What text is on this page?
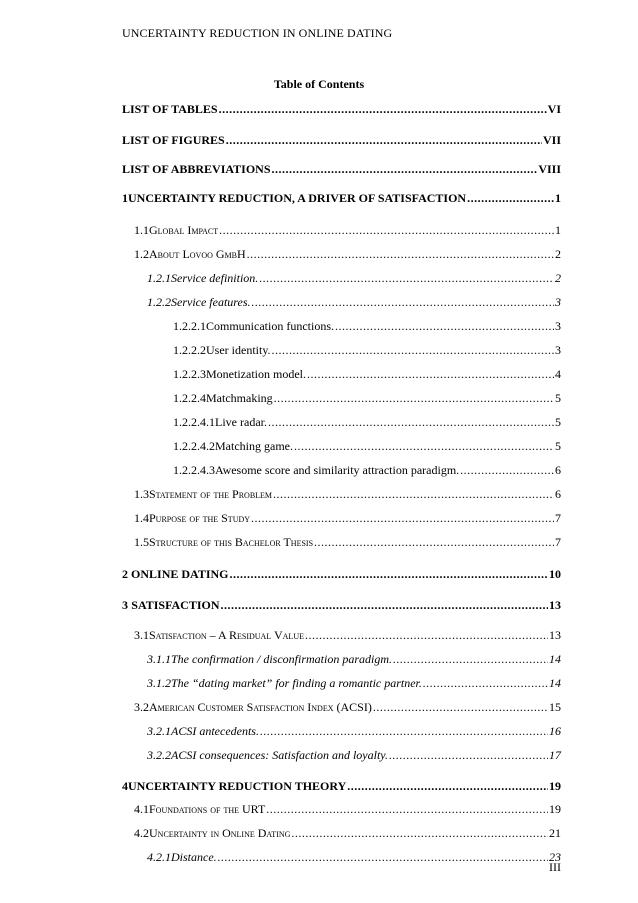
UNCERTAINTY REDUCTION IN ONLINE DATING
Table of Contents
LIST OF TABLES .....	VI
LIST OF FIGURES .....	VII
LIST OF ABBREVIATIONS .....	VIII
1 UNCERTAINTY REDUCTION, A DRIVER OF SATISFACTION .....	1
1.1 Global Impact .....	1
1.2 About Lovoo GmbH .....	2
1.2.1 Service definition. .....	2
1.2.2 Service features. .....	3
1.2.2.1 Communication functions. .....	3
1.2.2.2 User identity. .....	3
1.2.2.3 Monetization model. .....	4
1.2.2.4 Matchmaking .....	5
1.2.2.4.1 Live radar. .....	5
1.2.2.4.2 Matching game. .....	5
1.2.2.4.3 Awesome score and similarity attraction paradigm. .....	6
1.3 Statement of the Problem .....	6
1.4 Purpose of the Study .....	7
1.5 Structure of this Bachelor Thesis .....	7
2 ONLINE DATING .....	10
3 SATISFACTION .....	13
3.1 Satisfaction – A Residual Value .....	13
3.1.1 The confirmation / disconfirmation paradigm. .....	14
3.1.2 The “dating market” for finding a romantic partner. .....	14
3.2 American Customer Satisfaction Index (ACSI) .....	15
3.2.1 ACSI antecedents. .....	16
3.2.2 ACSI consequences: Satisfaction and loyalty. .....	17
4 UNCERTAINTY REDUCTION THEORY .....	19
4.1 Foundations of the URT .....	19
4.2 Uncertainty in Online Dating .....	21
4.2.1 Distance. .....	23
III
